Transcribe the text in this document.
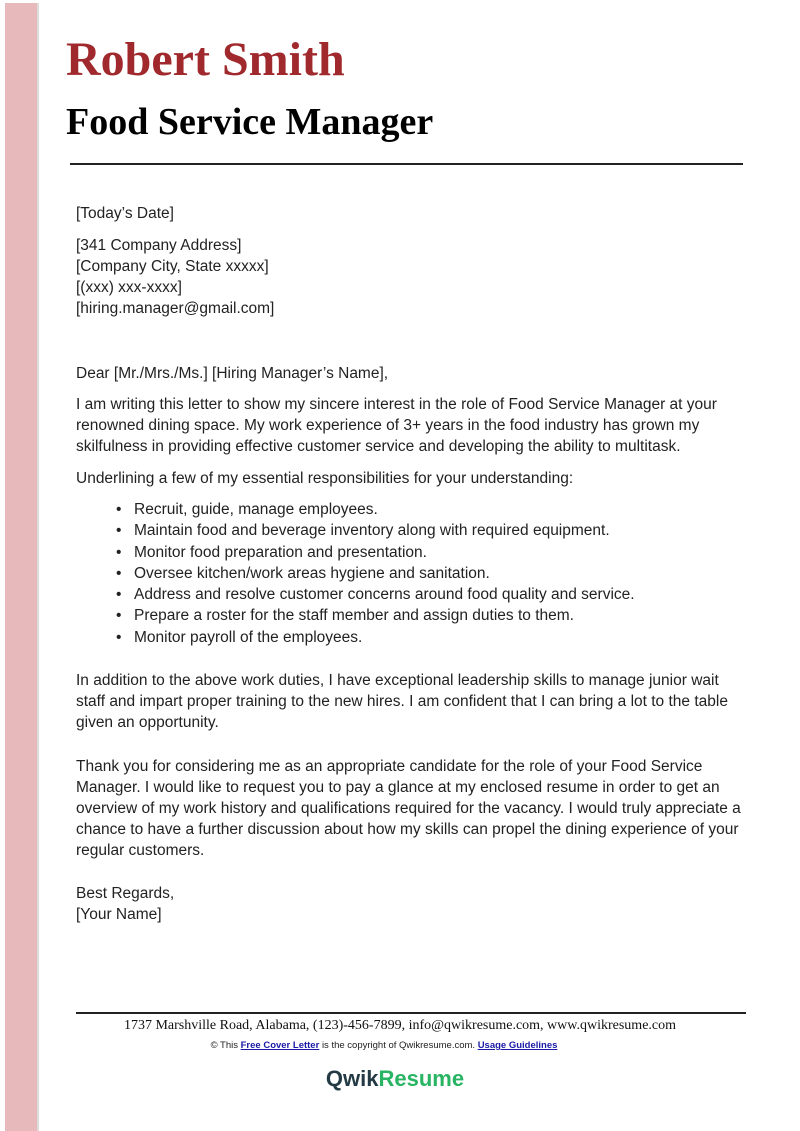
Robert Smith
Food Service Manager
[Today’s Date]

[341 Company Address]

[Company City, State xxxxx]

[(xxx) xxx-xxxx]

[hiring.manager@gmail.com]

Dear [Mr./Mrs./Ms.] [Hiring Manager’s Name],
I am writing this letter to show my sincere interest in the role of Food Service Manager at your renowned dining space. My work experience of 3+ years in the food industry has grown my skilfulness in providing effective customer service and developing the ability to multitask.
Underlining a few of my essential responsibilities for your understanding:
• Recruit, guide, manage employees.
• Maintain food and beverage inventory along with required equipment.
• Monitor food preparation and presentation.
• Oversee kitchen/work areas hygiene and sanitation.
• Address and resolve customer concerns around food quality and service.
• Prepare a roster for the staff member and assign duties to them.
• Monitor payroll of the employees.
In addition to the above work duties, I have exceptional leadership skills to manage junior wait staff and impart proper training to the new hires. I am confident that I can bring a lot to the table given an opportunity.
Thank you for considering me as an appropriate candidate for the role of your Food Service Manager. I would like to request you to pay a glance at my enclosed resume in order to get an overview of my work history and qualifications required for the vacancy. I would truly appreciate a chance to have a further discussion about how my skills can propel the dining experience of your regular customers.

Best Regards,

[Your Name]

1737 Marshville Road, Alabama, (123)-456-7899, info@qwikresume.com, www.qwikresume.com
© This Free Cover Letter is the copyright of Qwikresume.com. Usage Guidelines
QwikResume
